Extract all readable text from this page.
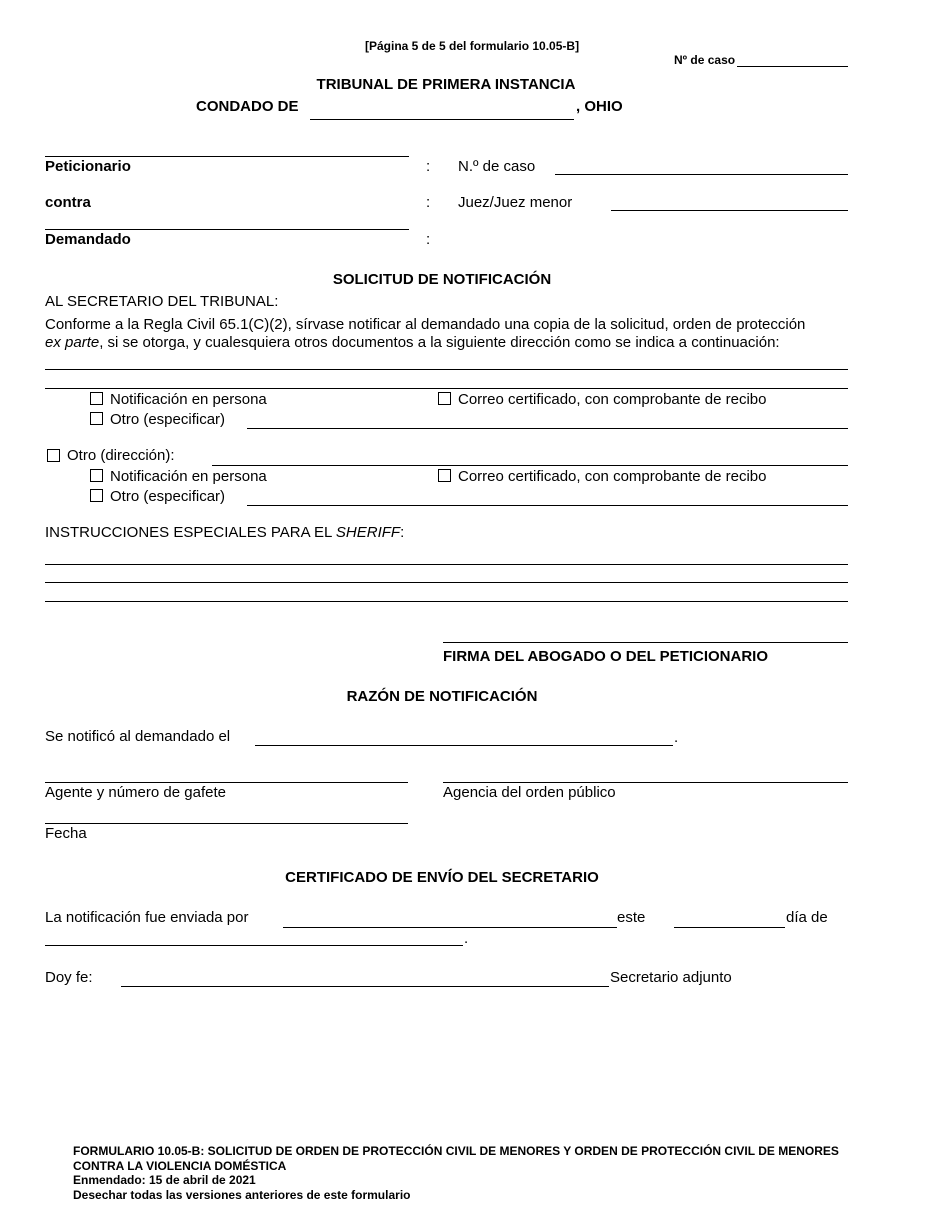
[Página 5 de 5 del formulario 10.05-B]
Nº de caso
TRIBUNAL DE PRIMERA INSTANCIA
CONDADO DE	, OHIO
Peticionario	: N.º de caso
contra	: Juez/Juez menor
Demandado	:
SOLICITUD DE NOTIFICACIÓN
AL SECRETARIO DEL TRIBUNAL:
Conforme a la Regla Civil 65.1(C)(2), sírvase notificar al demandado una copia de la solicitud, orden de protección
ex parte, si se otorga, y cualesquiera otros documentos a la siguiente dirección como se indica a continuación:
Notificación en persona	Correo certificado, con comprobante de recibo
Otro (especificar)
Otro (dirección):
Notificación en persona	Correo certificado, con comprobante de recibo
Otro (especificar)
INSTRUCCIONES ESPECIALES PARA EL SHERIFF:
FIRMA DEL ABOGADO O DEL PETICIONARIO
RAZÓN DE NOTIFICACIÓN
Se notificó al demandado el	.
Agente y número de gafete	Agencia del orden público
Fecha
CERTIFICADO DE ENVÍO DEL SECRETARIO
La notificación fue enviada por	este	día de
.
Doy fe:	Secretario adjunto
FORMULARIO 10.05-B: SOLICITUD DE ORDEN DE PROTECCIÓN CIVIL DE MENORES Y ORDEN DE PROTECCIÓN CIVIL DE MENORES
CONTRA LA VIOLENCIA DOMÉSTICA
Enmendado: 15 de abril de 2021
Desechar todas las versiones anteriores de este formulario
